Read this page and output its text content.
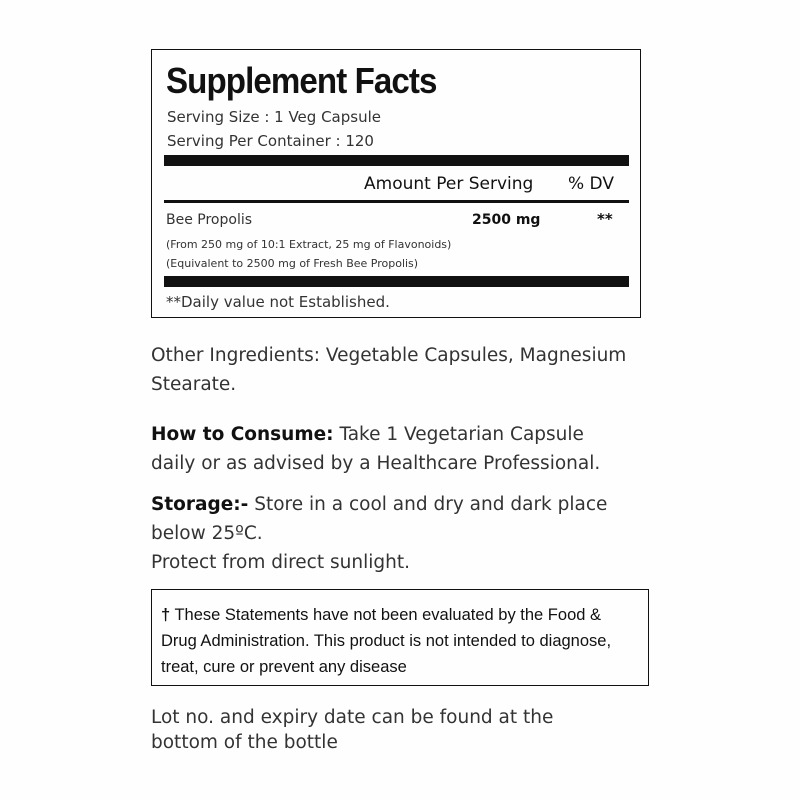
Supplement Facts
Serving Size : 1 Veg Capsule
Serving Per Container : 120
Amount Per Serving % DV
Bee Propolis	2500 mg	**
(From 250 mg of 10:1 Extract, 25 mg of Flavonoids)
(Equivalent to 2500 mg of Fresh Bee Propolis)
**Daily value not Established.
Other Ingredients: Vegetable Capsules, Magnesium Stearate.
How to Consume: Take 1 Vegetarian Capsule daily or as advised by a Healthcare Professional.
Storage:- Store in a cool and dry and dark place below 25ºC.
Protect from direct sunlight.
† These Statements have not been evaluated by the Food & Drug Administration. This product is not intended to diagnose, treat, cure or prevent any disease
Lot no. and expiry date can be found at the bottom of the bottle
